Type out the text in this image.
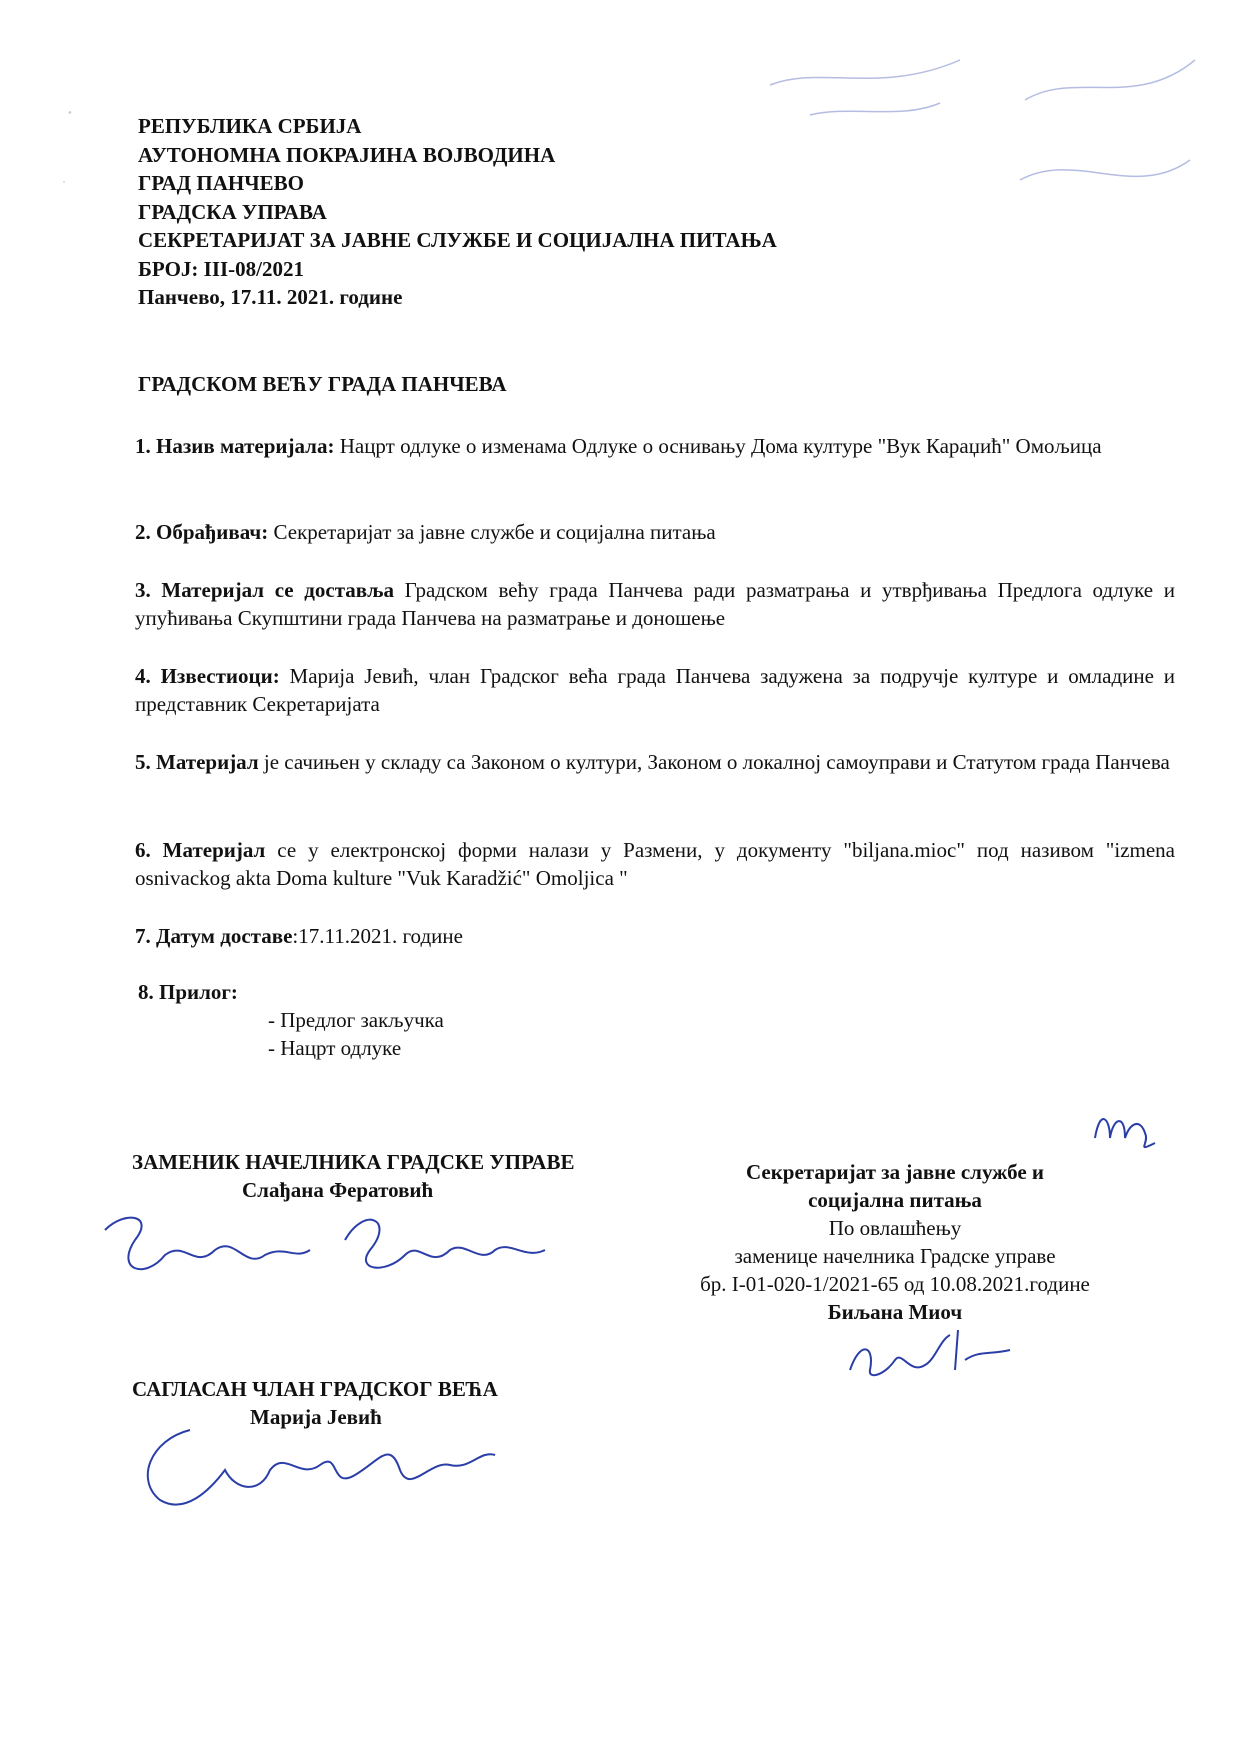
ﾞ
˙
РЕПУБЛИКА СРБИЈА
АУТОНОМНА ПОКРАЈИНА ВОЈВОДИНА
ГРАД ПАНЧЕВО
ГРАДСКА УПРАВА
СЕКРЕТАРИЈАТ ЗА ЈАВНЕ СЛУЖБЕ И СОЦИЈАЛНА ПИТАЊА
БРОЈ: III-08/2021
Панчево, 17.11. 2021. године
ГРАДСКОМ ВЕЋУ ГРАДА ПАНЧЕВА
1. Назив материјала: Нацрт одлуке о изменама Одлуке о оснивању Дома културе "Вук Караџић" Омољица
2. Обрађивач: Секретаријат за јавне службе и социјална питања
3. Материјал се доставља Градском већу града Панчева ради разматрања и утврђивања Предлога одлуке и упућивања Скупштини града Панчева на разматрање и доношење
4. Известиоци: Марија Јевић, члан Градског већа града Панчева задужена за подручје културе и омладине и представник Секретаријата
5. Материјал је сачињен у складу са Законом о култури, Законом о локалној самоуправи и Статутом града Панчева
6. Материјал се у електронској форми налази у Размени, у документу "biljana.mioc" под називом "izmena osnivackog akta Doma kulture "Vuk Karadžić" Omoljica "
7. Датум доставе:17.11.2021. године
8. Прилог:
- Предлог закључка
- Нацрт одлуке
ЗАМЕНИК НАЧЕЛНИКА ГРАДСКЕ УПРАВЕ
Слађана Фератовић
Секретаријат за јавне службе и
социјална питања
По овлашћењу
заменице начелника Градске управе
бр. I-01-020-1/2021-65 од 10.08.2021.године
Биљана Миоч
САГЛАСАН ЧЛАН ГРАДСКОГ ВЕЋА
Марија Јевић
